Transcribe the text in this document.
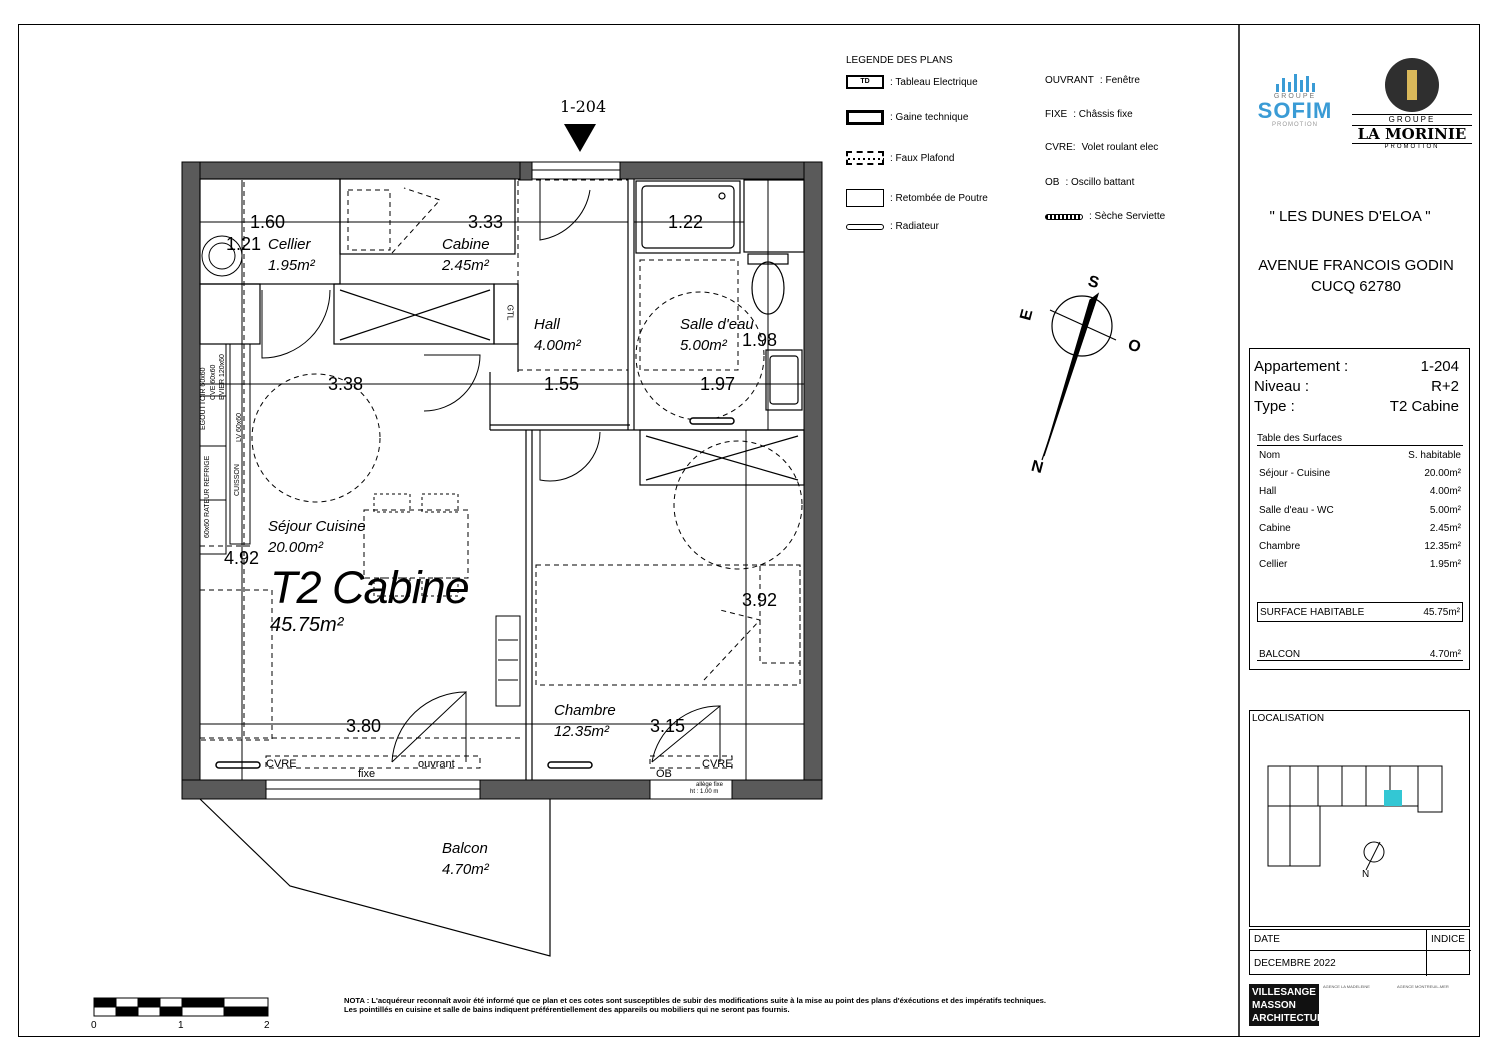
1-204
Cellier
1.95m²
Cabine
2.45m²
Hall
4.00m²
Salle d'eau
5.00m²
Séjour Cuisine
20.00m²
T2 Cabine
45.75m²
Chambre
12.35m²
Balcon
4.70m²
1.60	3.33	1.22
1.21
1.98
3.38	1.55	1.97
4.92
3.92
3.80	3.15
CVRE
fixe
ouvrant
OB
CVRE
GTL
allège fixe
ht : 1.00 m
EGOUTTOIR 60x60 CVE 60x60 EVIER 120x60
LV 60x60
CUISSON
60x60 RATEUR REFRIGE
S
E
O
N
LEGENDE DES PLANS
TD	: Tableau Electrique
: Gaine technique
: Faux Plafond
: Retombée de Poutre
: Radiateur
OUVRANT : Fenêtre
FIXE : Châssis fixe
CVRE: Volet roulant elec
OB : Oscillo battant
: Sèche Serviette
GROUPE
SOFIM
PROMOTION
GROUPE
LA MORINIE
PROMOTION
" LES DUNES D'ELOA "
AVENUE FRANCOIS GODIN
CUCQ 62780
Appartement :	1-204
Niveau :	R+2
Type :	T2 Cabine
Table des Surfaces
Nom	S. habitable
Séjour - Cuisine	20.00m²
Hall	4.00m²
Salle d'eau - WC	5.00m²
Cabine	2.45m²
Chambre	12.35m²
Cellier	1.95m²
SURFACE HABITABLE	45.75m²
BALCON	4.70m²
LOCALISATION
N
DATE	INDICE
DECEMBRE 2022
VILLESANGE
MASSON
ARCHITECTURE
AGENCE LA MADELEINE	AGENCE MONTREUIL-MER
NOTA : L'acquéreur reconnaît avoir été informé que ce plan et ces cotes sont susceptibles de subir des modifications suite à la mise au point des plans d'éxécutions et des impératifs techniques.
Les pointillés en cuisine et salle de bains indiquent préférentiellement des appareils ou mobiliers qui ne seront pas fournis.
0	1	2
